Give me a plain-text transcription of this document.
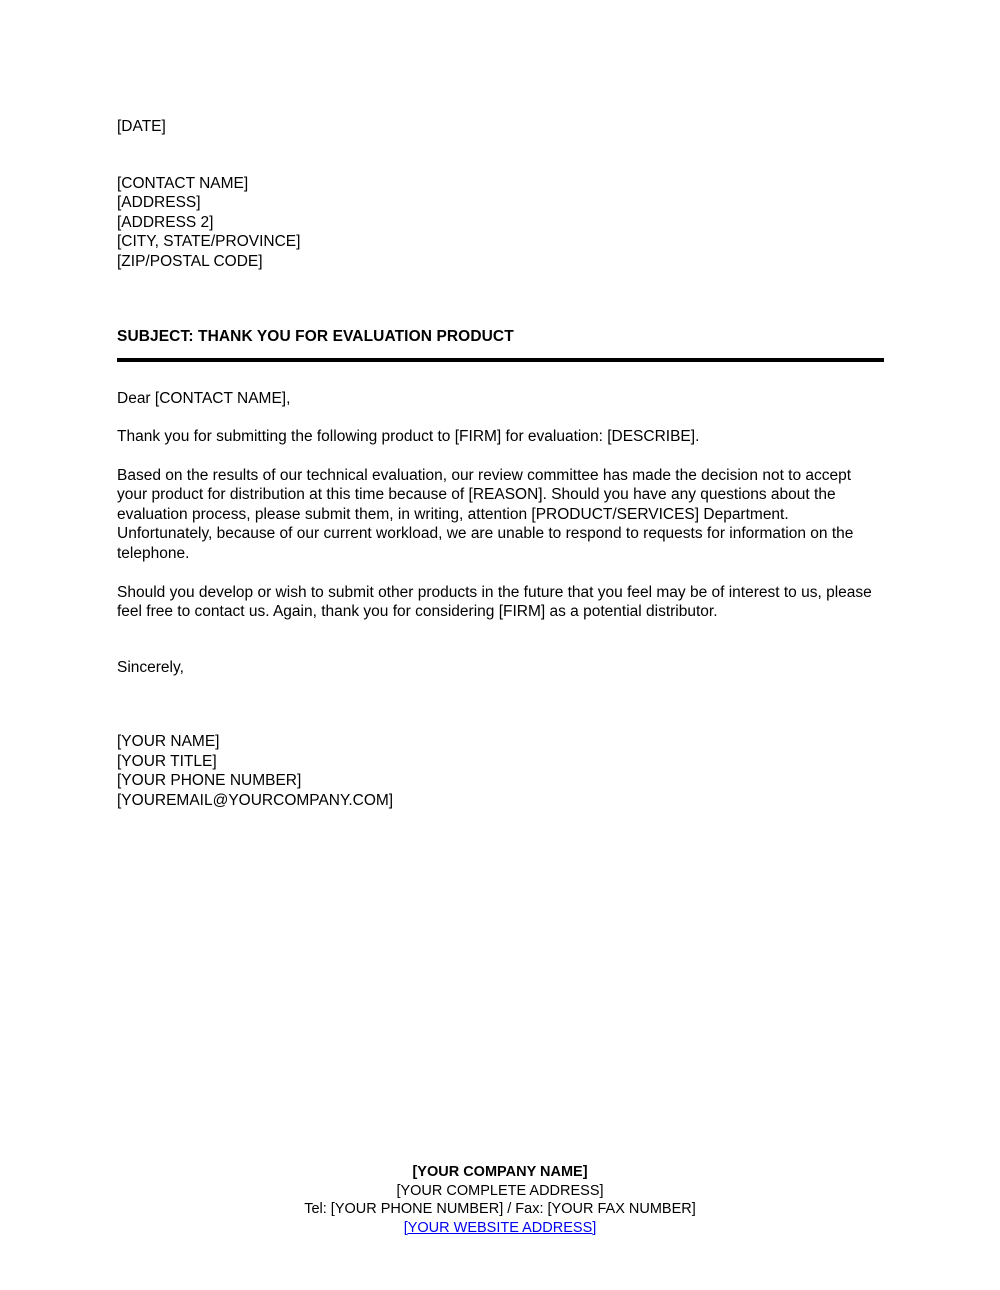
[DATE]
[CONTACT NAME]
[ADDRESS]
[ADDRESS 2]
[CITY, STATE/PROVINCE]
[ZIP/POSTAL CODE]
SUBJECT: THANK YOU FOR EVALUATION PRODUCT
Dear [CONTACT NAME],
Thank you for submitting the following product to [FIRM] for evaluation: [DESCRIBE].
Based on the results of our technical evaluation, our review committee has made the decision not to accept your product for distribution at this time because of [REASON]. Should you have any questions about the evaluation process, please submit them, in writing, attention [PRODUCT/SERVICES] Department. Unfortunately, because of our current workload, we are unable to respond to requests for information on the telephone.
Should you develop or wish to submit other products in the future that you feel may be of interest to us, please feel free to contact us. Again, thank you for considering [FIRM] as a potential distributor.
Sincerely,
[YOUR NAME]
[YOUR TITLE]
[YOUR PHONE NUMBER]
[YOUREMAIL@YOURCOMPANY.COM]
[YOUR COMPANY NAME]
[YOUR COMPLETE ADDRESS]
Tel: [YOUR PHONE NUMBER] / Fax: [YOUR FAX NUMBER]
[YOUR WEBSITE ADDRESS]
